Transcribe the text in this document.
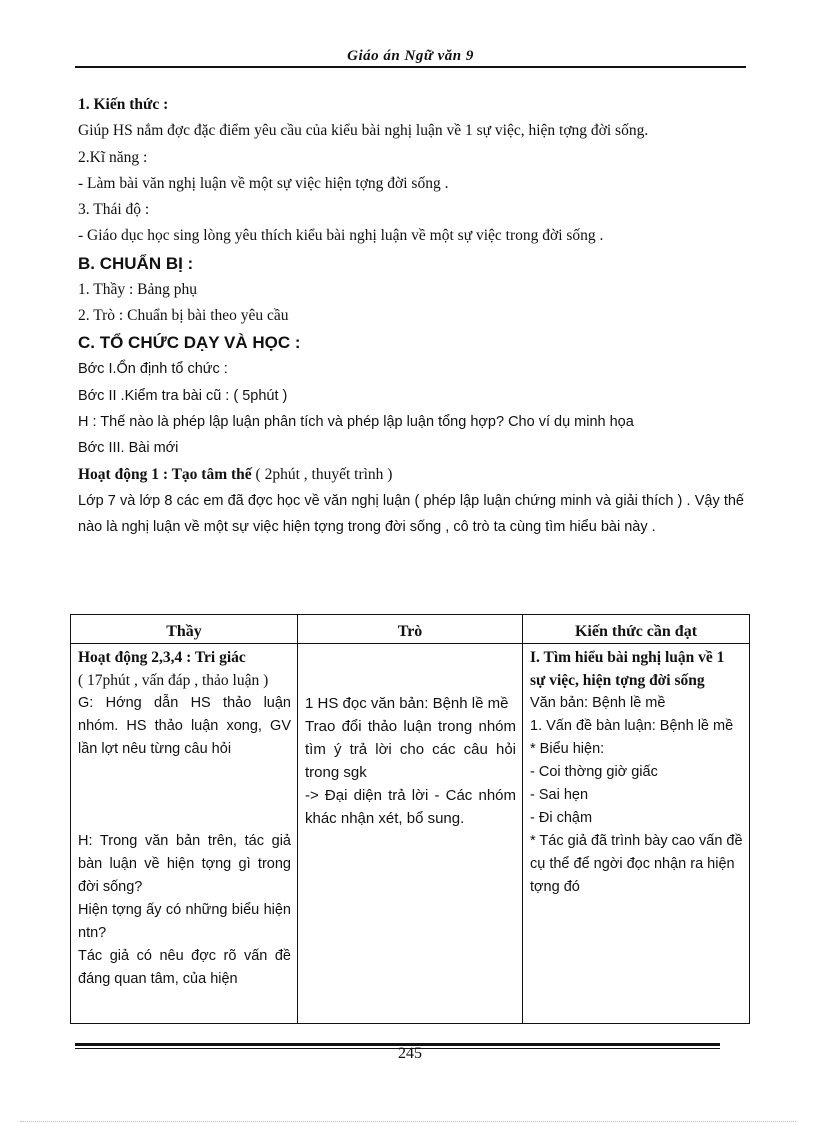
Giáo án Ngữ văn 9

1. Kiến thức :

Giúp HS nắm đợc đặc điểm yêu cầu của kiểu bài nghị luận về 1 sự việc, hiện tợng đời sống.

2.Kĩ năng :

- Làm bài văn nghị luận về một sự việc hiện tợng đời sống .

3. Thái độ :

- Giáo dục học sing lòng yêu thích kiểu bài nghị luận về một sự việc trong đời sống .

B. CHUẨN BỊ :

1. Thầy : Bảng phụ

2. Trò : Chuẩn bị bài theo yêu cầu

C. TỔ CHỨC DẠY VÀ HỌC :

Bớc I.Ổn định tổ chức :

Bớc II .Kiểm tra bài cũ : ( 5phút )

H : Thế nào là phép lập luận phân tích và phép lập luận tổng hợp? Cho ví dụ minh họa

Bớc III. Bài mới

Hoạt động 1 : Tạo tâm thế ( 2phút , thuyết trình )

Lớp 7 và lớp 8 các em đã đợc học về văn nghị luận ( phép lập luận chứng minh và giải thích ) . Vậy thế nào là nghị luận về một sự việc hiện tợng trong đời sống , cô trò ta cùng tìm hiểu bài này .

Thầy	Trò	Kiến thức cần đạt

Hoạt động 2,3,4 : Tri giác

( 17phút , vấn đáp , thảo luận )

G: Hớng dẫn HS thảo luận nhóm. HS thảo luận xong, GV lần lợt nêu từng câu hỏi

H: Trong văn bản trên, tác giả bàn luận về hiện tợng gì trong đời sống?

Hiện tợng ấy có những biểu hiện ntn?

Tác giả có nêu đợc rõ vấn đề đáng quan tâm, của hiện

1 HS đọc văn bản: Bệnh lề mề

Trao đổi thảo luận trong nhóm tìm ý trả lời cho các câu hỏi trong sgk

-> Đại diện trả lời - Các nhóm khác nhận xét, bổ sung.

I. Tìm hiểu bài nghị luận về 1 sự việc, hiện tợng đời sống

Văn bản: Bệnh lề mề

1. Vấn đề bàn luận: Bệnh lề mề

* Biểu hiện:

- Coi thờng giờ giấc

- Sai hẹn

- Đi chậm

* Tác giả đã trình bày cao vấn đề cụ thể để ngời đọc nhận ra hiện tợng đó

245
